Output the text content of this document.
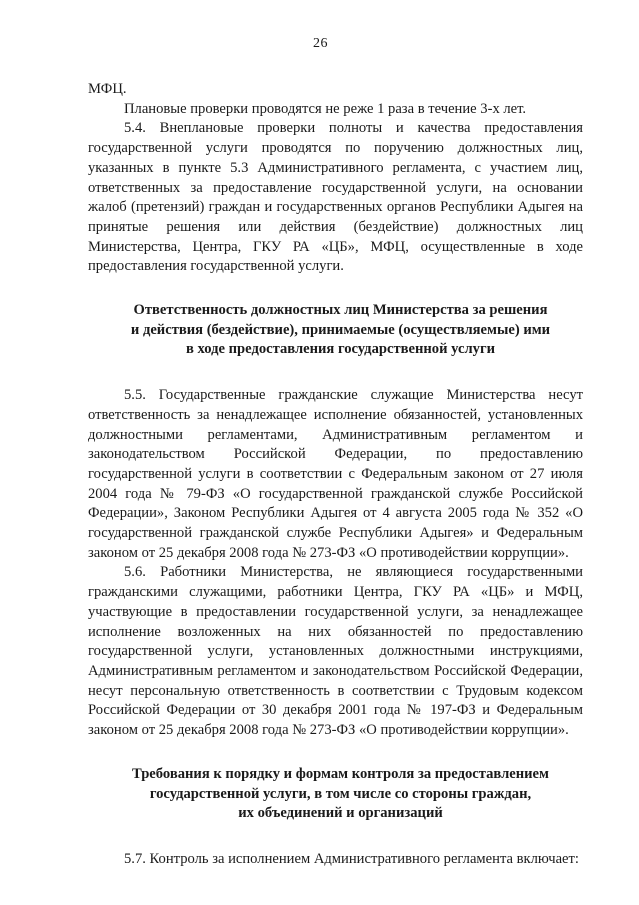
26

МФЦ.

Плановые проверки проводятся не реже 1 раза в течение 3-х лет.

5.4. Внеплановые проверки полноты и качества предоставления государственной услуги проводятся по поручению должностных лиц, указанных в пункте 5.3 Административного регламента, с участием лиц, ответственных за предоставление государственной услуги, на основании жалоб (претензий) граждан и государственных органов Республики Адыгея на принятые решения или действия (бездействие) должностных лиц Министерства, Центра, ГКУ РА «ЦБ», МФЦ, осуществленные в ходе предоставления государственной услуги.

Ответственность должностных лиц Министерства за решения

и действия (бездействие), принимаемые (осуществляемые) ими

в ходе предоставления государственной услуги

5.5. Государственные гражданские служащие Министерства несут ответственность за ненадлежащее исполнение обязанностей, установленных должностными регламентами, Административным регламентом и законодательством Российской Федерации, по предоставлению государственной услуги в соответствии с Федеральным законом от 27 июля 2004 года № 79-ФЗ «О государственной гражданской службе Российской Федерации», Законом Республики Адыгея от 4 августа 2005 года № 352 «О государственной гражданской службе Республики Адыгея» и Федеральным законом от 25 декабря 2008 года № 273-ФЗ «О противодействии коррупции».

5.6. Работники Министерства, не являющиеся государственными гражданскими служащими, работники Центра, ГКУ РА «ЦБ» и МФЦ, участвующие в предоставлении государственной услуги, за ненадлежащее исполнение возложенных на них обязанностей по предоставлению государственной услуги, установленных должностными инструкциями, Административным регламентом и законодательством Российской Федерации, несут персональную ответственность в соответствии с Трудовым кодексом Российской Федерации от 30 декабря 2001 года № 197-ФЗ и Федеральным законом от 25 декабря 2008 года № 273-ФЗ «О противодействии коррупции».

Требования к порядку и формам контроля за предоставлением

государственной услуги, в том числе со стороны граждан,

их объединений и организаций

5.7. Контроль за исполнением Административного регламента включает:
